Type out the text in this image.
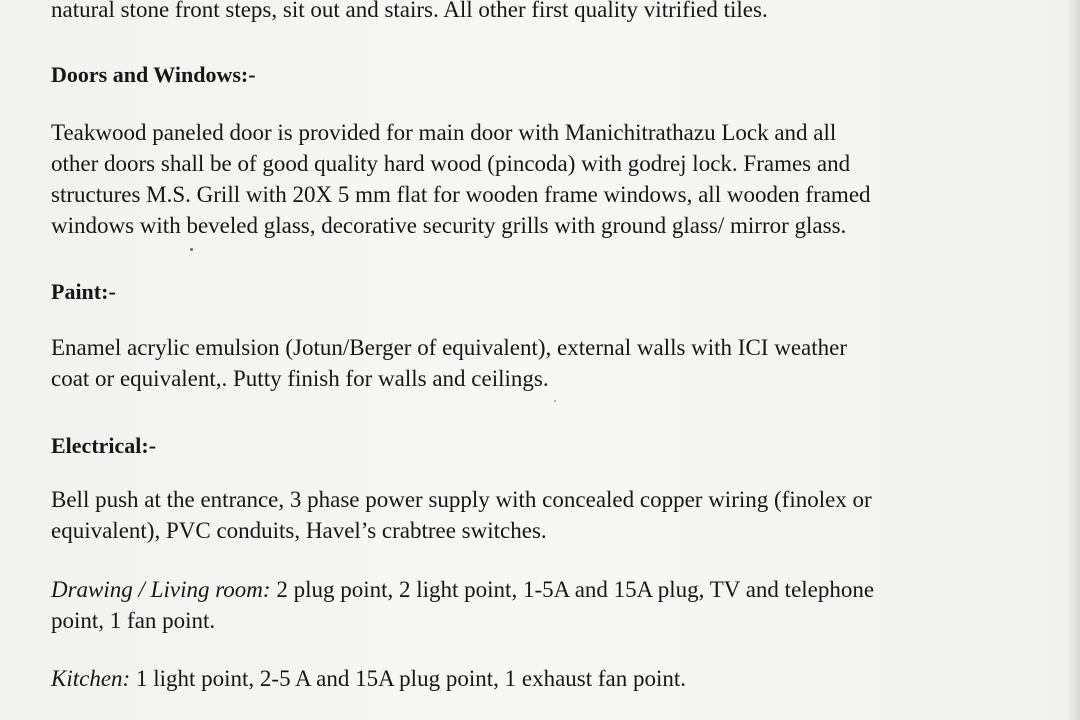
natural stone front steps, sit out and stairs. All other first quality vitrified tiles.

Doors and Windows:-

Teakwood paneled door is provided for main door with Manichitrathazu Lock and all
other doors shall be of good quality hard wood (pincoda) with godrej lock. Frames and
structures M.S. Grill with 20X 5 mm flat for wooden frame windows, all wooden framed
windows with beveled glass, decorative security grills with ground glass/ mirror glass.

Paint:-

Enamel acrylic emulsion (Jotun/Berger of equivalent), external walls with ICI weather
coat or equivalent,. Putty finish for walls and ceilings.

Electrical:-

Bell push at the entrance, 3 phase power supply with concealed copper wiring (finolex or
equivalent), PVC conduits, Havel’s crabtree switches.

Drawing / Living room: 2 plug point, 2 light point, 1-5A and 15A plug, TV and telephone
point, 1 fan point.

Kitchen: 1 light point, 2-5 A and 15A plug point, 1 exhaust fan point.
